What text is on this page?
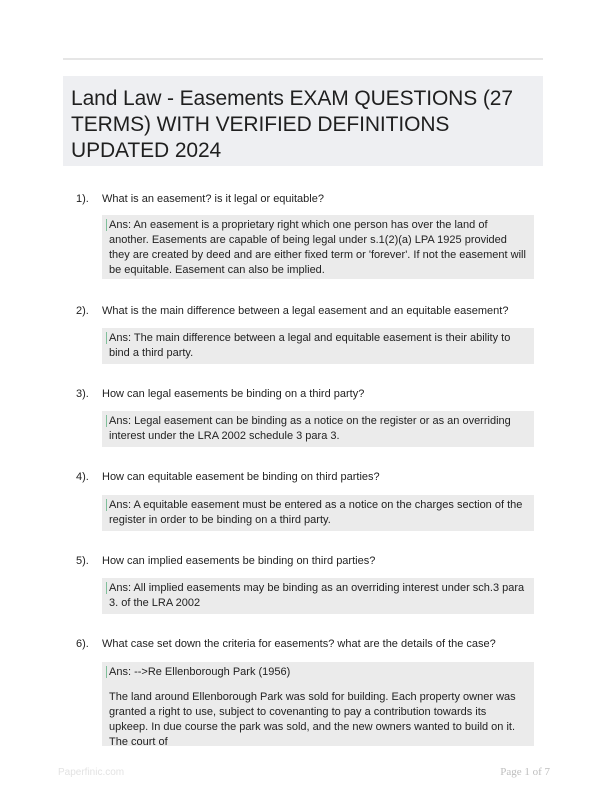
Land Law - Easements EXAM QUESTIONS (27 TERMS) WITH VERIFIED DEFINITIONS UPDATED 2024
1). What is an easement? is it legal or equitable?
Ans: An easement is a proprietary right which one person has over the land of another. Easements are capable of being legal under s.1(2)(a) LPA 1925 provided they are created by deed and are either fixed term or 'forever'. If not the easement will be equitable. Easement can also be implied.
2). What is the main difference between a legal easement and an equitable easement?
Ans: The main difference between a legal and equitable easement is their ability to bind a third party.
3). How can legal easements be binding on a third party?
Ans: Legal easement can be binding as a notice on the register or as an overriding interest under the LRA 2002 schedule 3 para 3.
4). How can equitable easement be binding on third parties?
Ans: A equitable easement must be entered as a notice on the charges section of the register in order to be binding on a third party.
5). How can implied easements be binding on third parties?
Ans: All implied easements may be binding as an overriding interest under sch.3 para 3. of the LRA 2002
6). What case set down the criteria for easements? what are the details of the case?
Ans: -->Re Ellenborough Park (1956)
The land around Ellenborough Park was sold for building. Each property owner was granted a right to use, subject to covenanting to pay a contribution towards its upkeep. In due course the park was sold, and the new owners wanted to build on it. The court of
Paperfinic.com	Page 1 of 7
